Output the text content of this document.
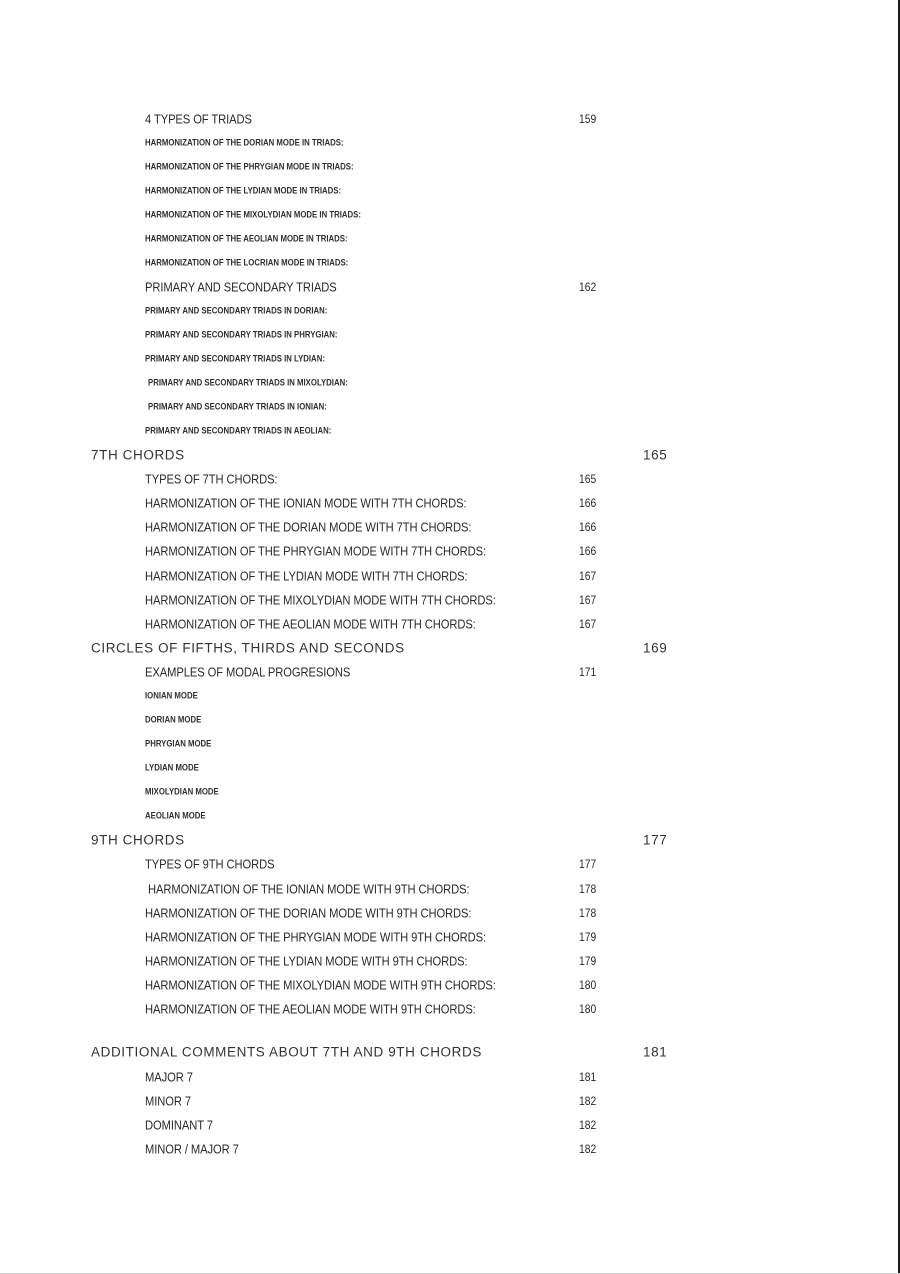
4 TYPES OF TRIADS	159
HARMONIZATION OF THE DORIAN MODE IN TRIADS:
HARMONIZATION OF THE PHRYGIAN MODE IN TRIADS:
HARMONIZATION OF THE LYDIAN MODE IN TRIADS:
HARMONIZATION OF THE MIXOLYDIAN MODE IN TRIADS:
HARMONIZATION OF THE AEOLIAN MODE IN TRIADS:
HARMONIZATION OF THE LOCRIAN MODE IN TRIADS:
PRIMARY AND SECONDARY TRIADS	162
PRIMARY AND SECONDARY TRIADS IN DORIAN:
PRIMARY AND SECONDARY TRIADS IN PHRYGIAN:
PRIMARY AND SECONDARY TRIADS IN LYDIAN:
PRIMARY AND SECONDARY TRIADS IN MIXOLYDIAN:
PRIMARY AND SECONDARY TRIADS IN IONIAN:
PRIMARY AND SECONDARY TRIADS IN AEOLIAN:
7TH CHORDS	165
TYPES OF 7TH CHORDS:	165
HARMONIZATION OF THE IONIAN MODE WITH 7TH CHORDS:	166
HARMONIZATION OF THE DORIAN MODE WITH 7TH CHORDS:	166
HARMONIZATION OF THE PHRYGIAN MODE WITH 7TH CHORDS:	166
HARMONIZATION OF THE LYDIAN MODE WITH 7TH CHORDS:	167
HARMONIZATION OF THE MIXOLYDIAN MODE WITH 7TH CHORDS:	167
HARMONIZATION OF THE AEOLIAN MODE WITH 7TH CHORDS:	167
CIRCLES OF FIFTHS, THIRDS AND SECONDS	169
EXAMPLES OF MODAL PROGRESIONS	171
IONIAN MODE
DORIAN MODE
PHRYGIAN MODE
LYDIAN MODE
MIXOLYDIAN MODE
AEOLIAN MODE
9TH CHORDS	177
TYPES OF 9TH CHORDS	177
HARMONIZATION OF THE IONIAN MODE WITH 9TH CHORDS:	178
HARMONIZATION OF THE DORIAN MODE WITH 9TH CHORDS:	178
HARMONIZATION OF THE PHRYGIAN MODE WITH 9TH CHORDS:	179
HARMONIZATION OF THE LYDIAN MODE WITH 9TH CHORDS:	179
HARMONIZATION OF THE MIXOLYDIAN MODE WITH 9TH CHORDS:	180
HARMONIZATION OF THE AEOLIAN MODE WITH 9TH CHORDS:	180
ADDITIONAL COMMENTS ABOUT 7TH AND 9TH CHORDS	181
MAJOR 7	181
MINOR 7	182
DOMINANT 7	182
MINOR / MAJOR 7	182
